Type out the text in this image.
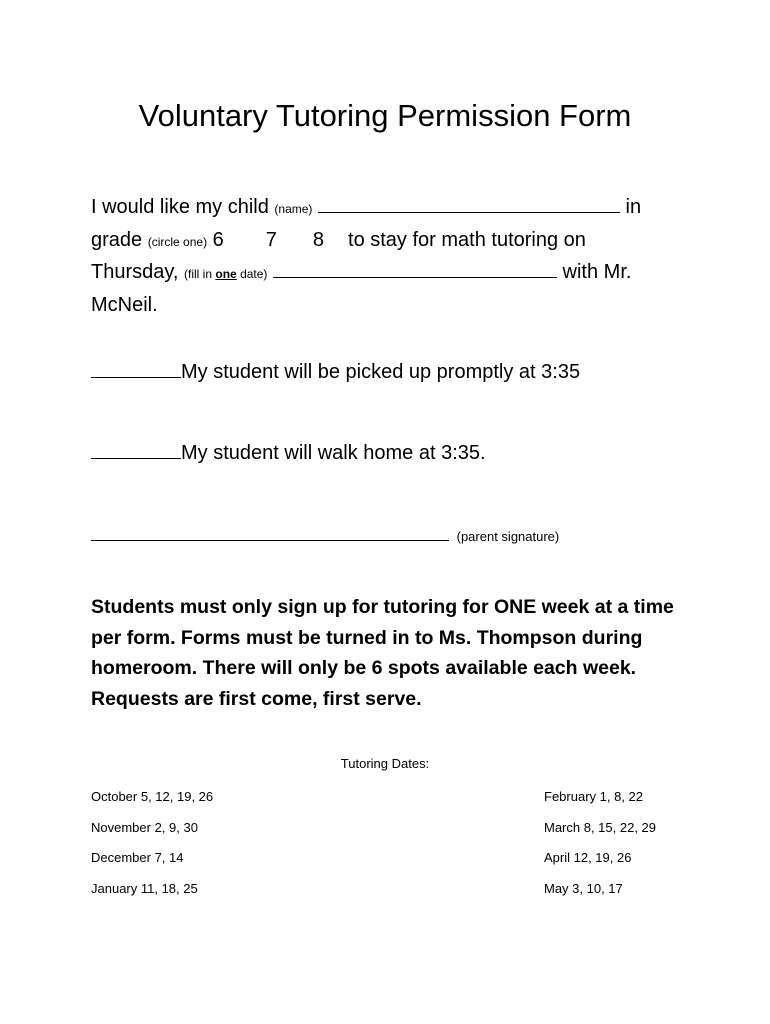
Voluntary Tutoring Permission Form
I would like my child (name)	in
grade (circle one) 6 7 8 to stay for math tutoring on
Thursday, (fill in one date)	with Mr.
McNeil.
My student will be picked up promptly at 3:35
My student will walk home at 3:35.
(parent signature)
Students must only sign up for tutoring for ONE week at a time per form. Forms must be turned in to Ms. Thompson during homeroom. There will only be 6 spots available each week. Requests are first come, first serve.
Tutoring Dates:
October 5, 12, 19, 26
November 2, 9, 30
December 7, 14
January 11, 18, 25
February 1, 8, 22
March 8, 15, 22, 29
April 12, 19, 26
May 3, 10, 17
